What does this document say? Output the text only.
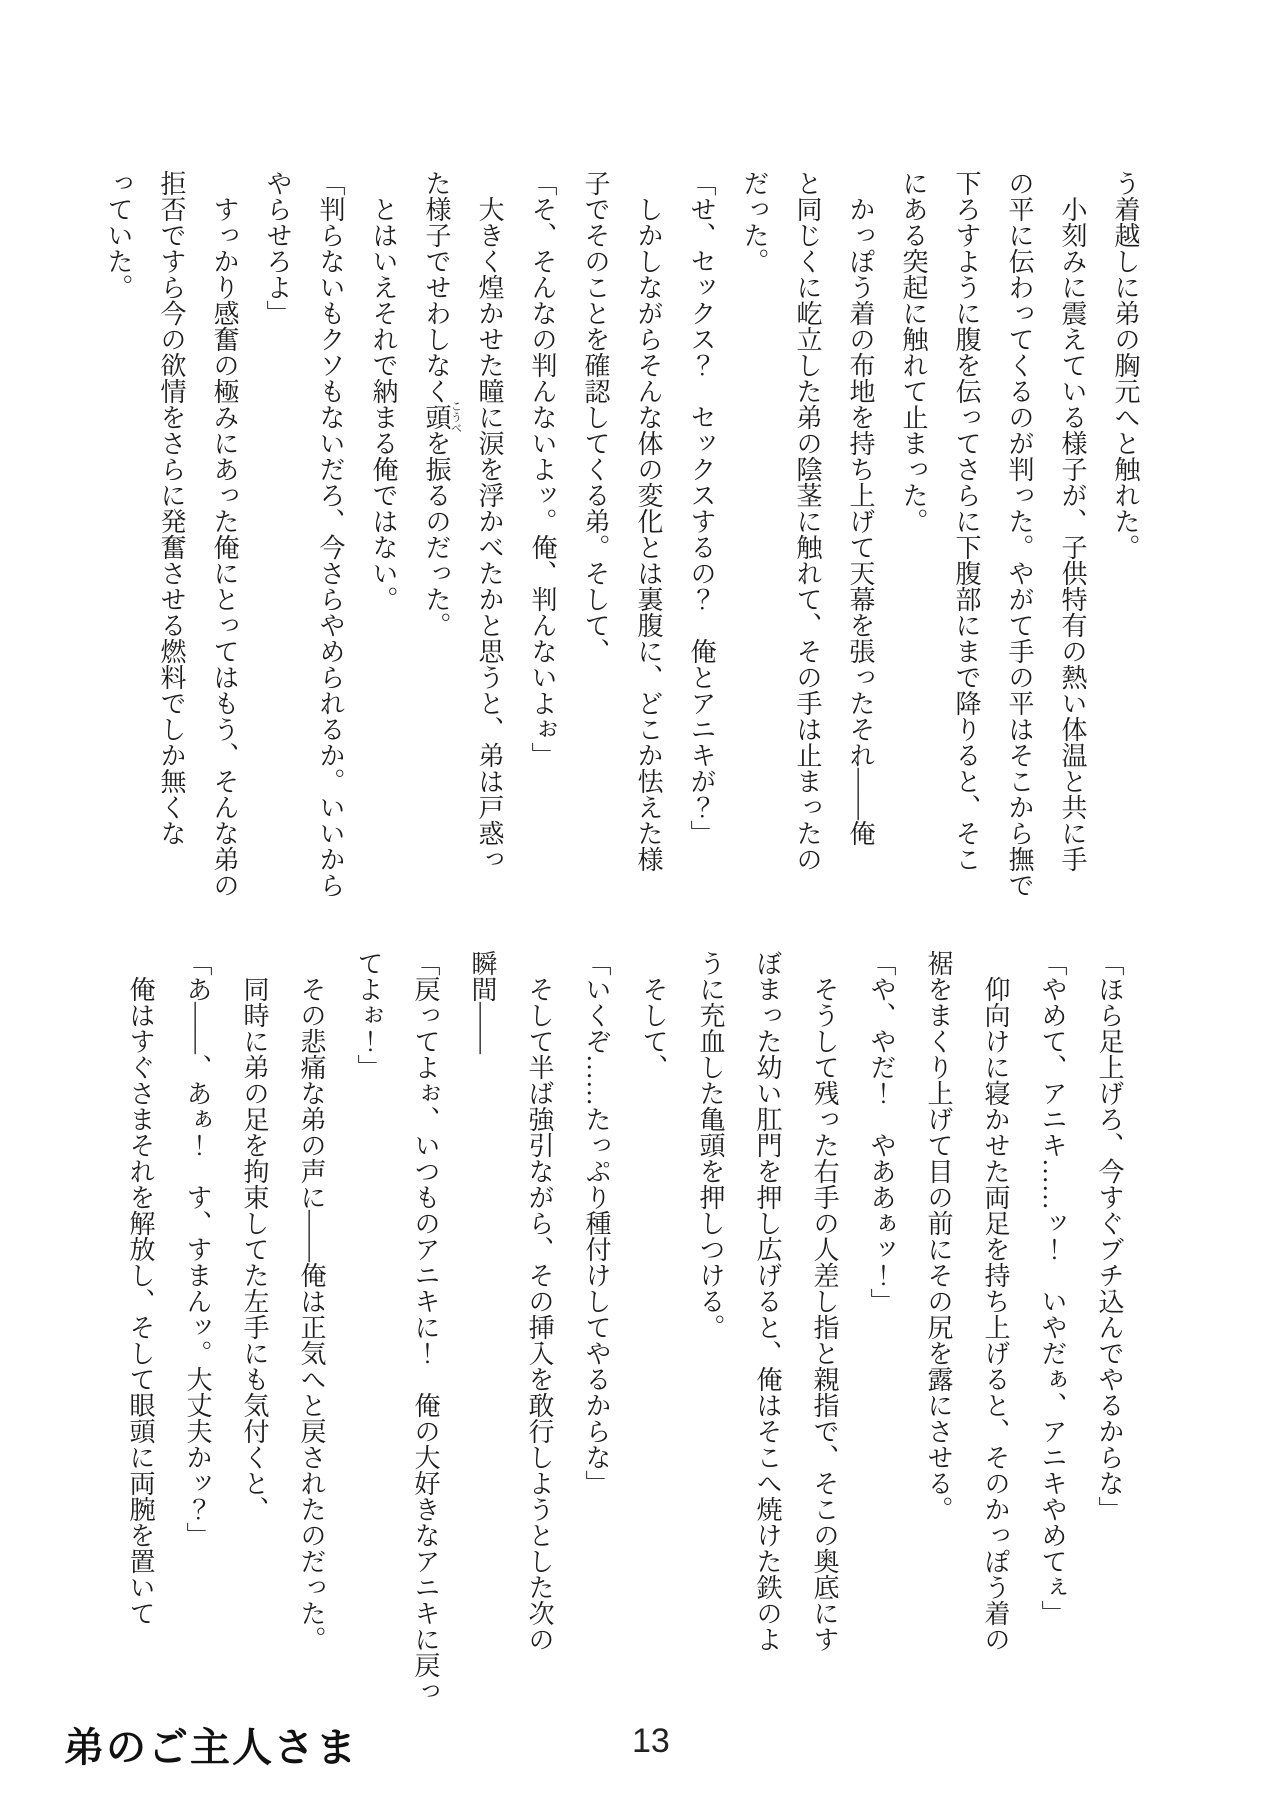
う着越しに弟の胸元へと触れた。

小刻みに震えている様子が、子供特有の熱い体温と共に手

の平に伝わってくるのが判った。やがて手の平はそこから撫で

下ろすように腹を伝ってさらに下腹部にまで降りると、そこ

にある突起に触れて止まった。

かっぽう着の布地を持ち上げて天幕を張ったそれ——俺

と同じくに屹立した弟の陰茎に触れて、その手は止まったの

だった。

「せ、セックス？　セックスするの？　俺とアニキが？」

しかしながらそんな体の変化とは裏腹に、どこか怯えた様

子でそのことを確認してくる弟。そして、

「そ、そんなの判んないよッ。俺、判んないよぉ」

大きく煌かせた瞳に涙を浮かべたかと思うと、弟は戸惑っ

た様子でせわしなく頭こうべを振るのだった。

とはいえそれで納まる俺ではない。

「判らないもクソもないだろ、今さらやめられるか。いいから

やらせろよ」

すっかり感奮の極みにあった俺にとってはもう、そんな弟の

拒否ですら今の欲情をさらに発奮させる燃料でしか無くな

っていた。

「ほら足上げろ、今すぐブチ込んでやるからな」

「やめて、アニキ……ッ！　いやだぁ、アニキやめてぇ」

仰向けに寝かせた両足を持ち上げると、そのかっぽう着の

裾をまくり上げて目の前にその尻を露にさせる。

「や、やだ！　やああぁッ！」

そうして残った右手の人差し指と親指で、そこの奥底にす

ぼまった幼い肛門を押し広げると、俺はそこへ焼けた鉄のよ

うに充血した亀頭を押しつける。

そして、

「いくぞ……たっぷり種付けしてやるからな」

そして半ば強引ながら、その挿入を敢行しようとした次の

瞬間——

「戻ってよぉ、いつものアニキに！　俺の大好きなアニキに戻っ

てよぉ！」

その悲痛な弟の声に——俺は正気へと戻されたのだった。

同時に弟の足を拘束してた左手にも気付くと、

「あ——、あぁ！　す、すまんッ。大丈夫かッ？」

俺はすぐさまそれを解放し、そして眼頭に両腕を置いて

弟のご主人さま	13
